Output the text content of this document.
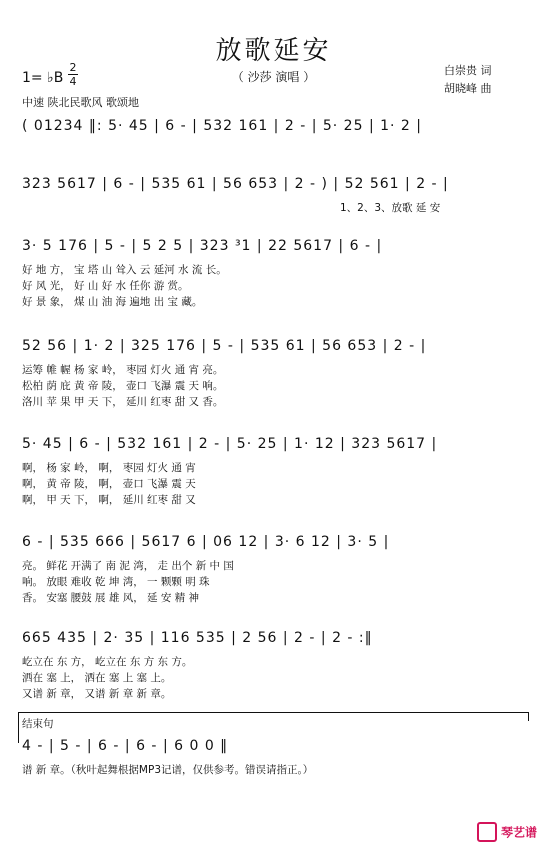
放歌延安
（ 沙莎 演唱 ）	白崇贵 词
胡晓峰 曲
1= ♭B
2
4
中速 陕北民歌风 歌颂地
( 01234 ‖: 5· 45 | 6 - | 532 161 | 2 - | 5· 25 | 1· 2 |
323 5617 | 6 - | 535 61 | 56 653 | 2 - ) | 52 561 | 2 - |
1、2、3、放歌 延 安
3· 5 176 | 5 - | 5 2 5 | 323 ³1 | 22 5617 | 6 - |
好 地 方， 宝 塔 山 耸入 云 延河 水 流 长。
好 风 光， 好 山 好 水 任你 游 赏。
好 景 象， 煤 山 油 海 遍地 出 宝 藏。
52 56 | 1· 2 | 325 176 | 5 - | 535 61 | 56 653 | 2 - |
运筹 帷 幄 杨 家 岭， 枣园 灯火 通 宵 亮。
松柏 荫 庇 黄 帝 陵， 壶口 飞瀑 震 天 响。
洛川 苹 果 甲 天 下， 延川 红枣 甜 又 香。
5· 45 | 6 - | 532 161 | 2 - | 5· 25 | 1· 12 | 323 5617 |
啊， 杨 家 岭， 啊， 枣园 灯火 通 宵
啊， 黄 帝 陵， 啊， 壶口 飞瀑 震 天
啊， 甲 天 下， 啊， 延川 红枣 甜 又
6 - | 535 666 | 5617 6 | 06 12 | 3· 6 12 | 3· 5 |
亮。 鲜花 开满了 南 泥 湾， 走 出个 新 中 国
响。 放眼 难收 乾 坤 湾， 一 颗颗 明 珠
香。 安塞 腰鼓 展 雄 风， 延 安 精 神
665 435 | 2· 35 | 116 535 | 2 56 | 2 - | 2 - :‖
屹立在 东 方， 屹立在 东 方 东 方。
洒在 塞 上， 洒在 塞 上 塞 上。
又谱 新 章， 又谱 新 章 新 章。
结束句
4 - | 5 - | 6 - | 6 - | 6 0 0 ‖
谱 新 章。（秋叶起舞根据MP3记谱，仅供参考。错误请指正。）
琴艺谱
